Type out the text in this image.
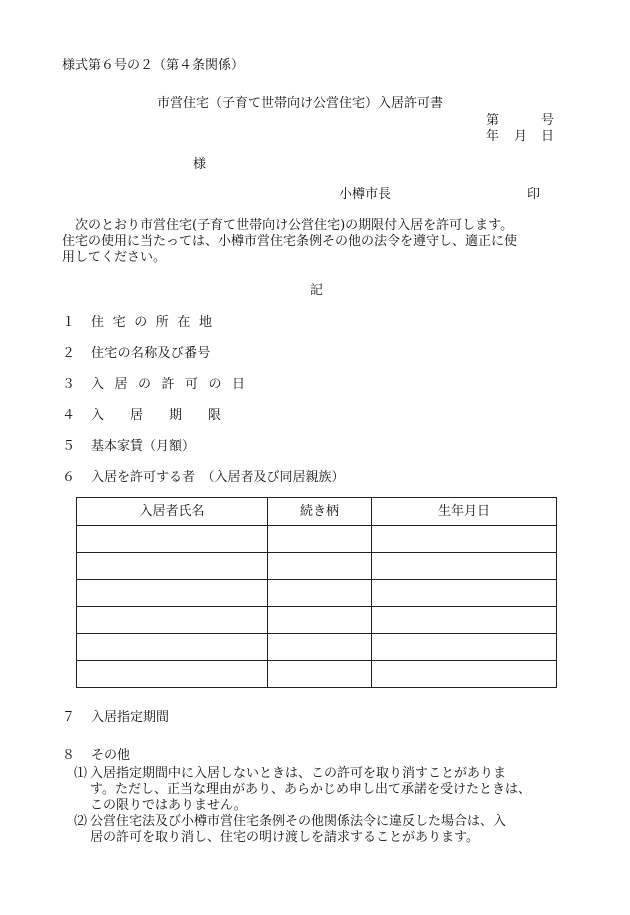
様式第６号の２（第４条関係）
市営住宅（子育て世帯向け公営住宅）入居許可書
第	号
年 月 日
様
小樽市長	印
次のとおり市営住宅(子育て世帯向け公営住宅)の期限付入居を許可します。
住宅の使用に当たっては、小樽市営住宅条例その他の法令を遵守し、適正に使
用してください。
記
１ 住宅の所在地
２ 住宅の名称及び番号
３ 入居の許可の日
４ 入居期限
５ 基本家賃（月額）
６ 入居を許可する者　（入居者及び同居親族）
入居者氏名	続き柄	生年月日

７ 入居指定期間
８ その他
⑴ 入居指定期間中に入居しないときは、この許可を取り消すことがありま
す。ただし、正当な理由があり、あらかじめ申し出て承諾を受けたときは、
この限りではありません。
⑵ 公営住宅法及び小樽市営住宅条例その他関係法令に違反した場合は、入
居の許可を取り消し、住宅の明け渡しを請求することがあります。
